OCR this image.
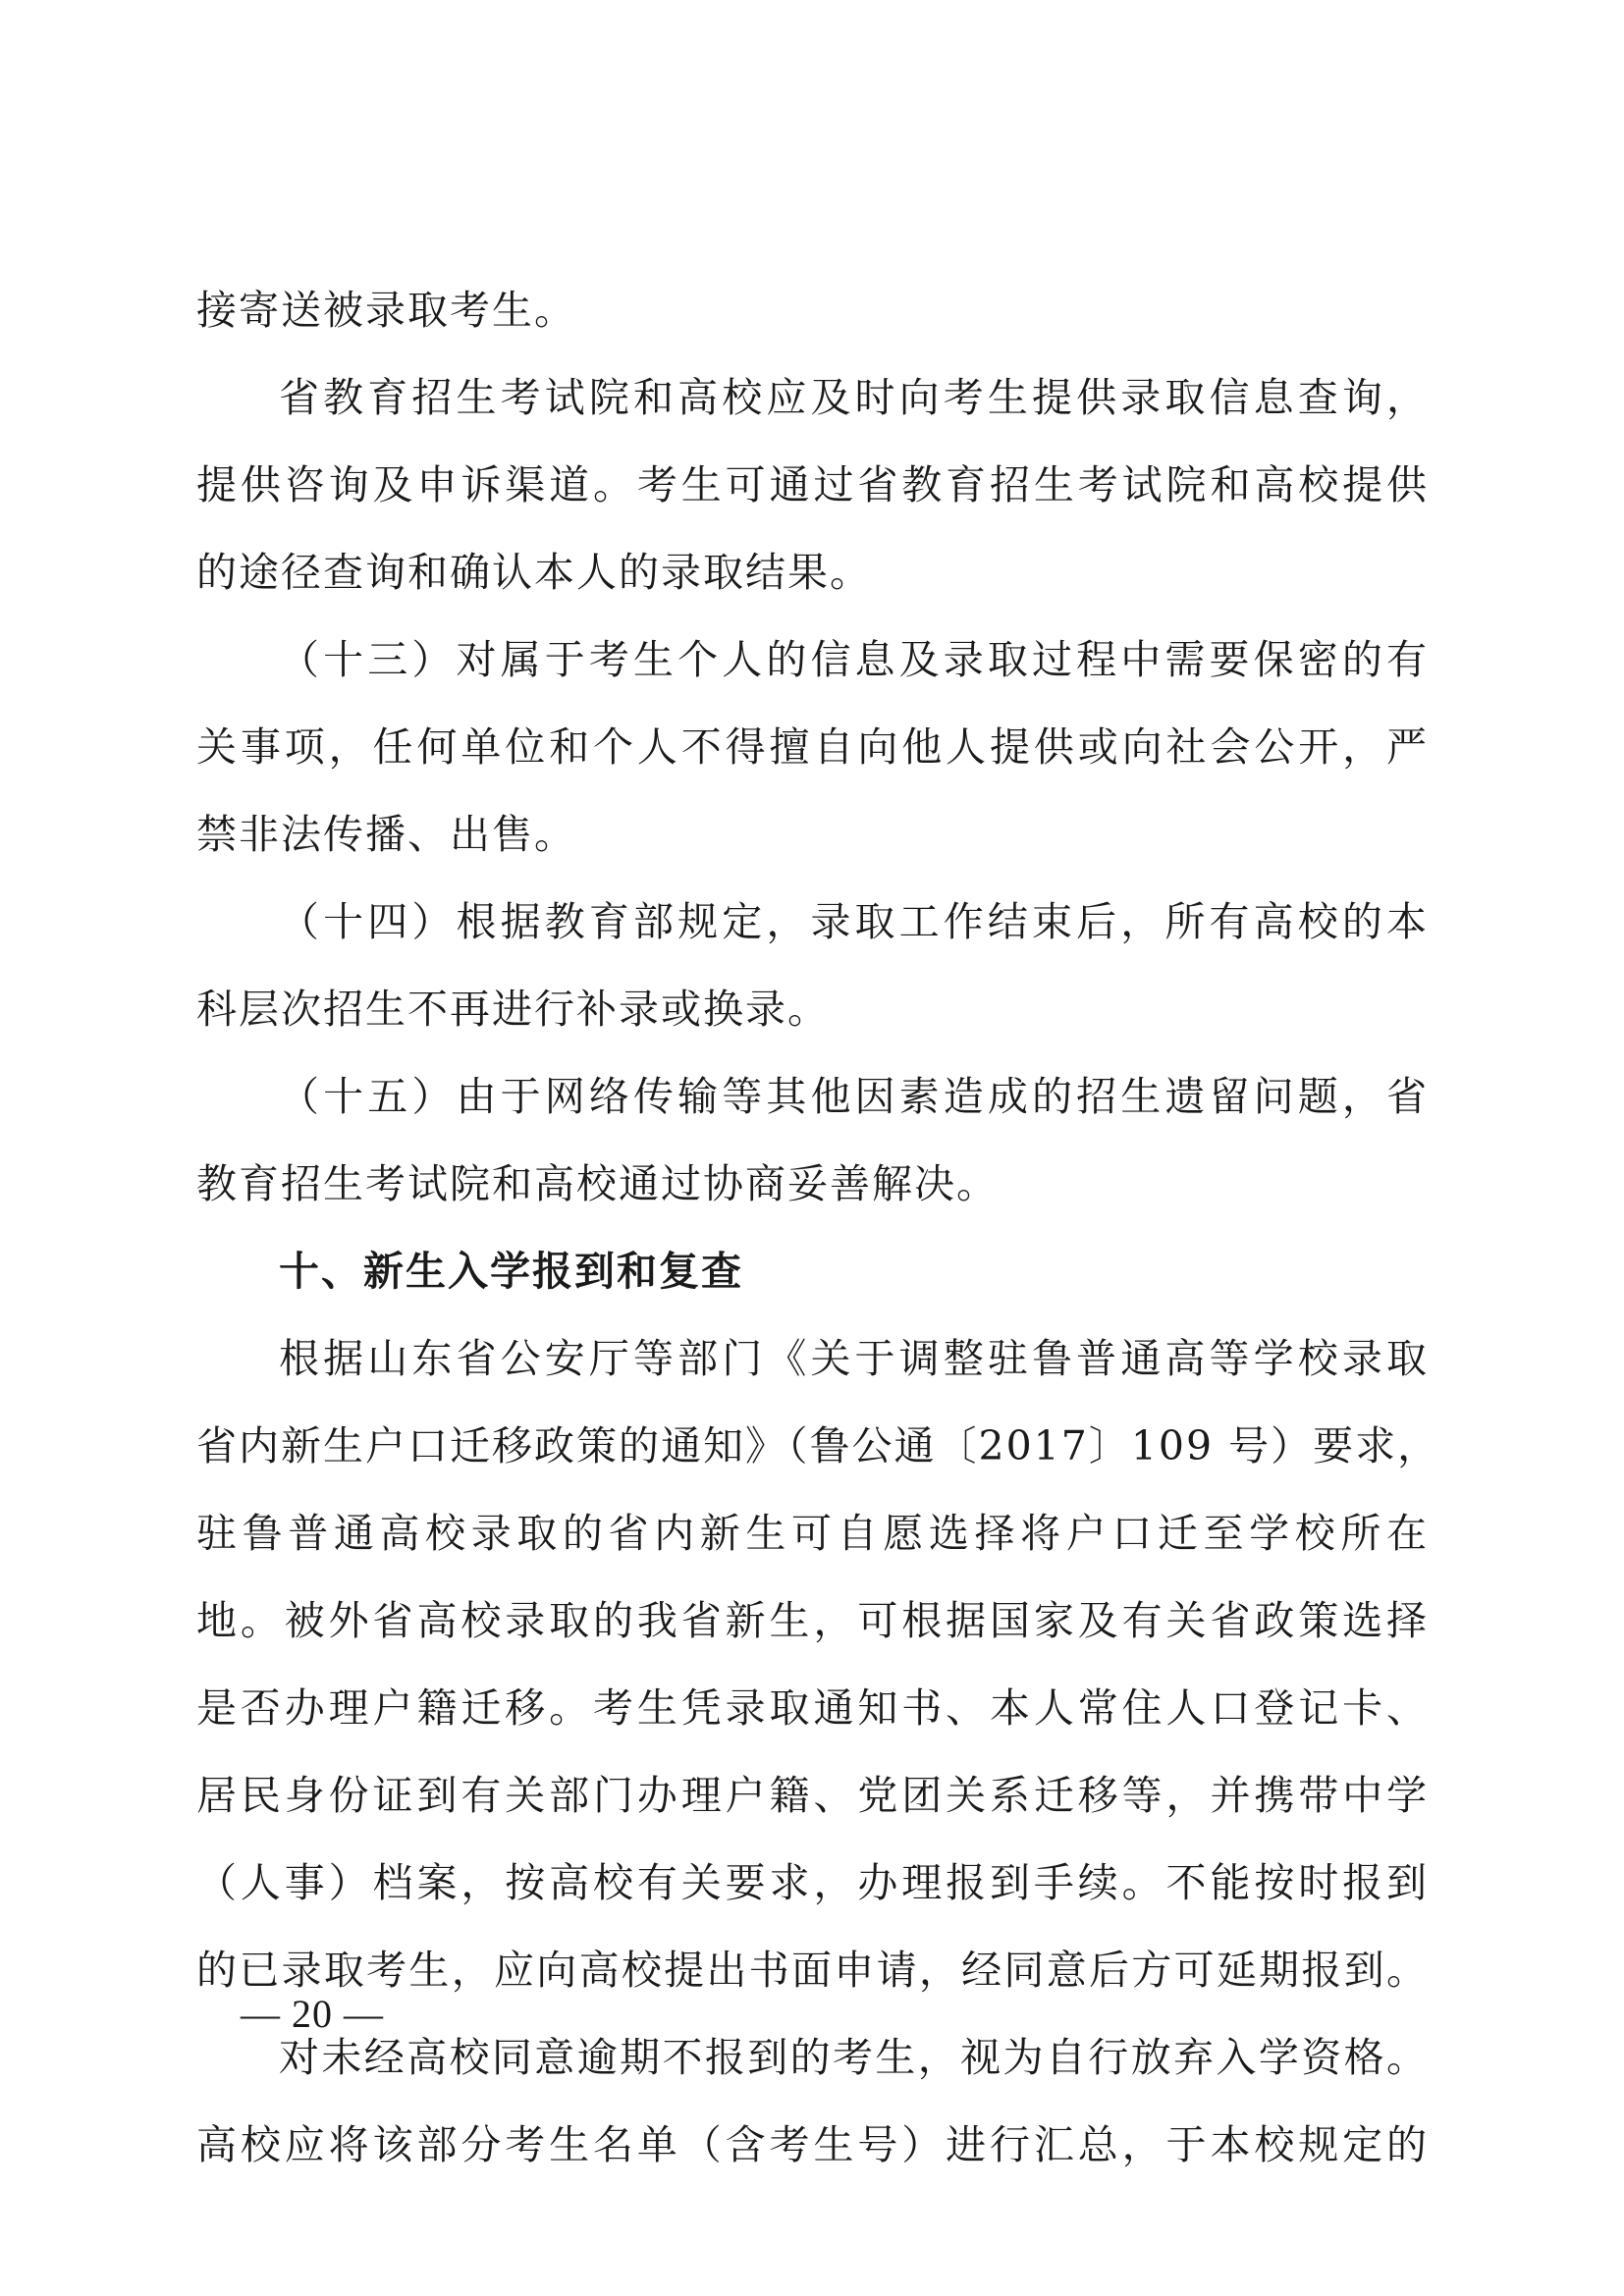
接寄送被录取考生。
省教育招生考试院和高校应及时向考生提供录取信息查询，
提供咨询及申诉渠道。考生可通过省教育招生考试院和高校提供
的途径查询和确认本人的录取结果。
（十三）对属于考生个人的信息及录取过程中需要保密的有
关事项，任何单位和个人不得擅自向他人提供或向社会公开，严
禁非法传播、出售。
（十四）根据教育部规定，录取工作结束后，所有高校的本
科层次招生不再进行补录或换录。
（十五）由于网络传输等其他因素造成的招生遗留问题，省
教育招生考试院和高校通过协商妥善解决。
十、新生入学报到和复查
根据山东省公安厅等部门《关于调整驻鲁普通高等学校录取
省内新生户口迁移政策的通知》（鲁公通〔2017〕109 号）要求，
驻鲁普通高校录取的省内新生可自愿选择将户口迁至学校所在
地。被外省高校录取的我省新生，可根据国家及有关省政策选择
是否办理户籍迁移。考生凭录取通知书、本人常住人口登记卡、
居民身份证到有关部门办理户籍、党团关系迁移等，并携带中学
（人事）档案，按高校有关要求，办理报到手续。不能按时报到
的已录取考生，应向高校提出书面申请，经同意后方可延期报到。
对未经高校同意逾期不报到的考生，视为自行放弃入学资格。
高校应将该部分考生名单（含考生号）进行汇总，于本校规定的
— 20 —
